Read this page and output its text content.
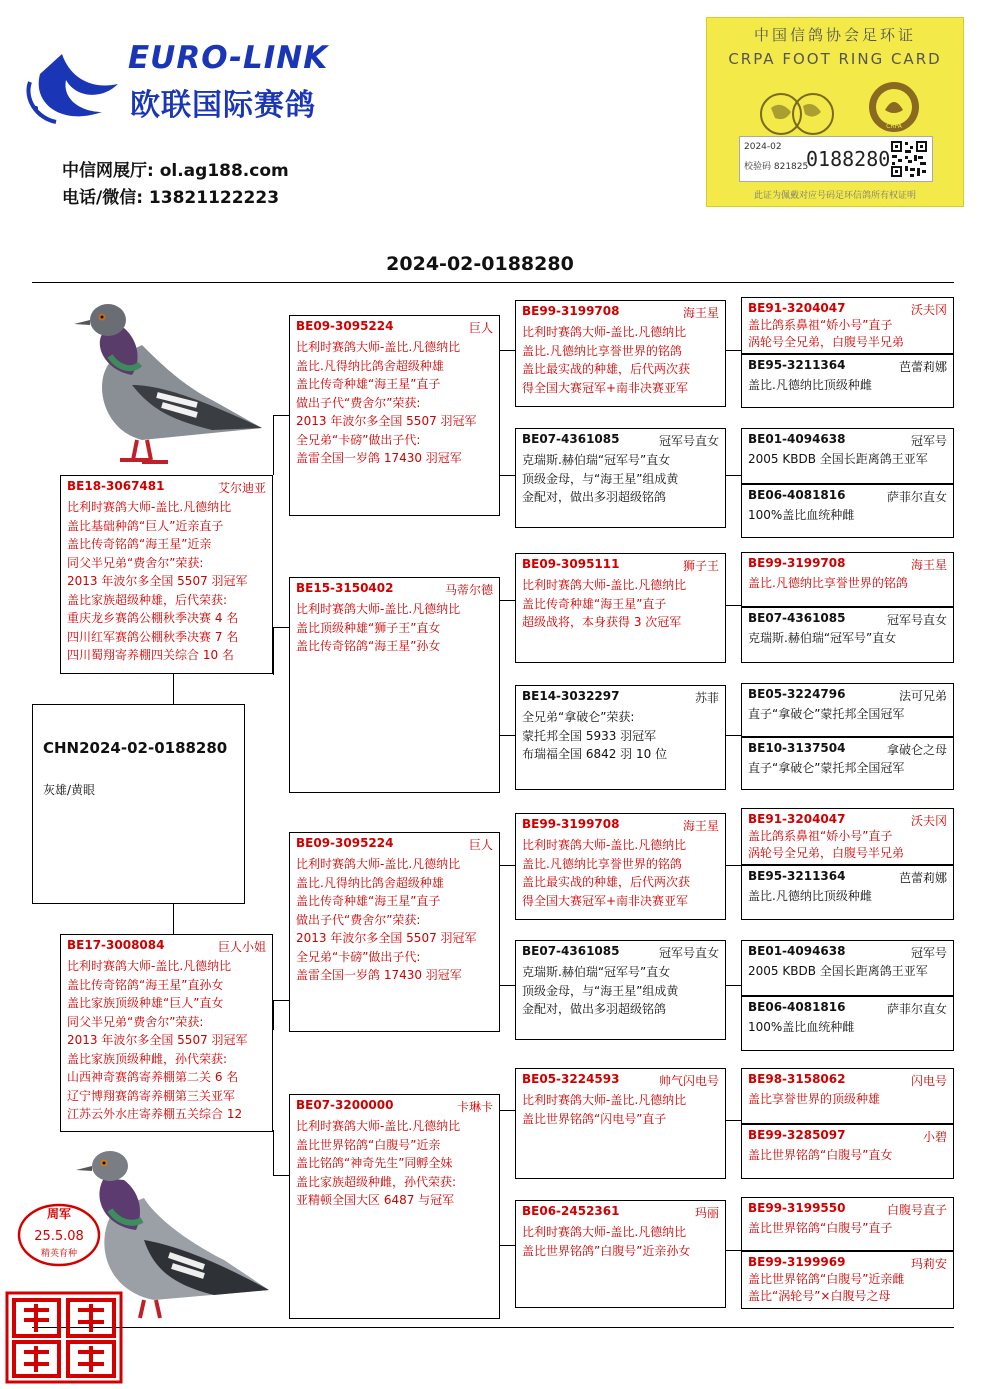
EURO-LINK
欧联国际赛鸽
中信网展厅: ol.ag188.com
电话/微信: 13821122223
中国信鸽协会足环证
CRPA FOOT RING CARD
CRPA
2024-02
校验码 821825
0188280
此证为佩戴对应号码足环信鸽所有权证明
2024-02-0188280
周军
25.5.08
精英育种
CHN2024-02-0188280
灰雄/黄眼
BE18-3067481	艾尔迪亚
比利时赛鸽大师-盖比.凡德纳比
盖比基础种鸽“巨人”近亲直子
盖比传奇铭鸽“海王星”近亲
同父半兄弟“费舍尔”荣获:
2013 年波尔多全国 5507 羽冠军
盖比家族超级种雄，后代荣获:
重庆龙乡赛鸽公棚秋季决赛 4 名
四川红军赛鸽公棚秋季决赛 7 名
四川蜀翔寄养棚四关综合 10 名
BE17-3008084	巨人小姐
比利时赛鸽大师-盖比.凡德纳比
盖比传奇铭鸽“海王星”直孙女
盖比家族顶级种雄“巨人”直女
同父半兄弟“费舍尔”荣获:
2013 年波尔多全国 5507 羽冠军
盖比家族顶级种雌，孙代荣获:
山西神奇赛鸽寄养棚第二关 6 名
辽宁博翔赛鸽寄养棚第三关亚军
江苏云外水庄寄养棚五关综合 12
BE09-3095224	巨人
比利时赛鸽大师-盖比.凡德纳比
盖比.凡得纳比鸽舍超级种雄
盖比传奇种雄“海王星”直子
做出子代“费舍尔”荣获:
2013 年波尔多全国 5507 羽冠军
全兄弟“卡磅”做出子代:
盖雷全国一岁鸽 17430 羽冠军
BE15-3150402	马蒂尔德
比利时赛鸽大师-盖比.凡德纳比
盖比顶级种雄“狮子王”直女
盖比传奇铭鸽“海王星”孙女
BE09-3095224	巨人
比利时赛鸽大师-盖比.凡德纳比
盖比.凡得纳比鸽舍超级种雄
盖比传奇种雄“海王星”直子
做出子代“费舍尔”荣获:
2013 年波尔多全国 5507 羽冠军
全兄弟“卡磅”做出子代:
盖雷全国一岁鸽 17430 羽冠军
BE07-3200000	卡琳卡
比利时赛鸽大师-盖比.凡德纳比
盖比世界铭鸽“白腹号”近亲
盖比铭鸽“神奇先生”同孵全妹
盖比家族超级种雌，孙代荣获:
亚精顿全国大区 6487 与冠军
BE99-3199708	海王星
比利时赛鸽大师-盖比.凡德纳比
盖比.凡德纳比享誉世界的铭鸽
盖比最实战的种雄，后代两次获
得全国大赛冠军+南非决赛亚军
BE07-4361085	冠军号直女
克瑞斯.赫伯瑞“冠军号”直女
顶级金母，与“海王星”组成黄
金配对，做出多羽超级铭鸽
BE09-3095111	狮子王
比利时赛鸽大师-盖比.凡德纳比
盖比传奇种雄“海王星”直子
超级战将，本身获得 3 次冠军
BE14-3032297	苏菲
全兄弟“拿破仑”荣获:
蒙托邦全国 5933 羽冠军
布瑞福全国 6842 羽 10 位
BE99-3199708	海王星
比利时赛鸽大师-盖比.凡德纳比
盖比.凡德纳比享誉世界的铭鸽
盖比最实战的种雄，后代两次获
得全国大赛冠军+南非决赛亚军
BE07-4361085	冠军号直女
克瑞斯.赫伯瑞“冠军号”直女
顶级金母，与“海王星”组成黄
金配对，做出多羽超级铭鸽
BE05-3224593	帅气闪电号
比利时赛鸽大师-盖比.凡德纳比
盖比世界铭鸽“闪电号”直子
BE06-2452361	玛丽
比利时赛鸽大师-盖比.凡德纳比
盖比世界铭鸽”白腹号”近亲孙女
BE91-3204047	沃夫冈
盖比鸽系鼻祖“娇小号”直子
涡轮号全兄弟，白腹号半兄弟
BE95-3211364	芭蕾莉娜
盖比.凡德纳比顶级种雌
BE01-4094638	冠军号
2005 KBDB 全国长距离鸽王亚军
BE06-4081816	萨菲尔直女
100%盖比血统种雌
BE99-3199708	海王星
盖比.凡德纳比享誉世界的铭鸽
BE07-4361085	冠军号直女
克瑞斯.赫伯瑞“冠军号”直女
BE05-3224796	法可兄弟
直子“拿破仑”蒙托邦全国冠军
BE10-3137504	拿破仑之母
直子“拿破仑”蒙托邦全国冠军
BE91-3204047	沃夫冈
盖比鸽系鼻祖“娇小号”直子
涡轮号全兄弟，白腹号半兄弟
BE95-3211364	芭蕾莉娜
盖比.凡德纳比顶级种雌
BE01-4094638	冠军号
2005 KBDB 全国长距离鸽王亚军
BE06-4081816	萨菲尔直女
100%盖比血统种雌
BE98-3158062	闪电号
盖比享誉世界的顶级种雄
BE99-3285097	小碧
盖比世界铭鸽“白腹号”直女
BE99-3199550	白腹号直子
盖比世界铭鸽“白腹号”直子
BE99-3199969	玛莉安
盖比世界铭鸽“白腹号”近亲雌
盖比“涡轮号”×白腹号之母
